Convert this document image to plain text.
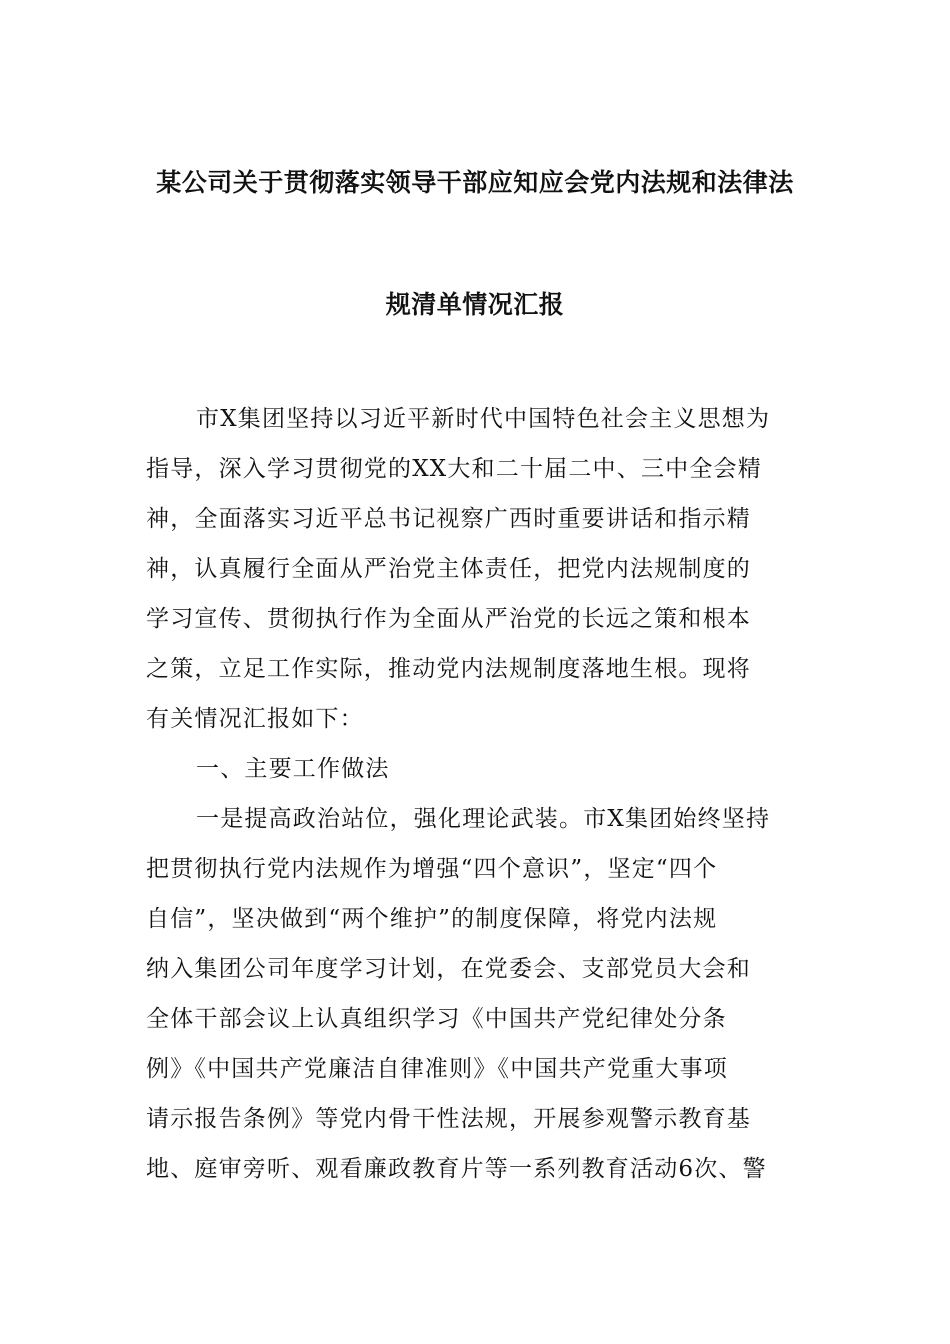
某公司关于贯彻落实领导干部应知应会党内法规和法律法
规清单情况汇报
市X集团坚持以习近平新时代中国特色社会主义思想为
指导，深入学习贯彻党的XX大和二十届二中、三中全会精
神，全面落实习近平总书记视察广西时重要讲话和指示精
神，认真履行全面从严治党主体责任，把党内法规制度的
学习宣传、贯彻执行作为全面从严治党的长远之策和根本
之策，立足工作实际，推动党内法规制度落地生根。现将
有关情况汇报如下：
一、主要工作做法
一是提高政治站位，强化理论武装。市X集团始终坚持
把贯彻执行党内法规作为增强“四个意识”，坚定“四个
自信”，坚决做到“两个维护”的制度保障，将党内法规
纳入集团公司年度学习计划，在党委会、支部党员大会和
全体干部会议上认真组织学习《中国共产党纪律处分条
例》《中国共产党廉洁自律准则》《中国共产党重大事项
请示报告条例》等党内骨干性法规，开展参观警示教育基
地、庭审旁听、观看廉政教育片等一系列教育活动6次、警
